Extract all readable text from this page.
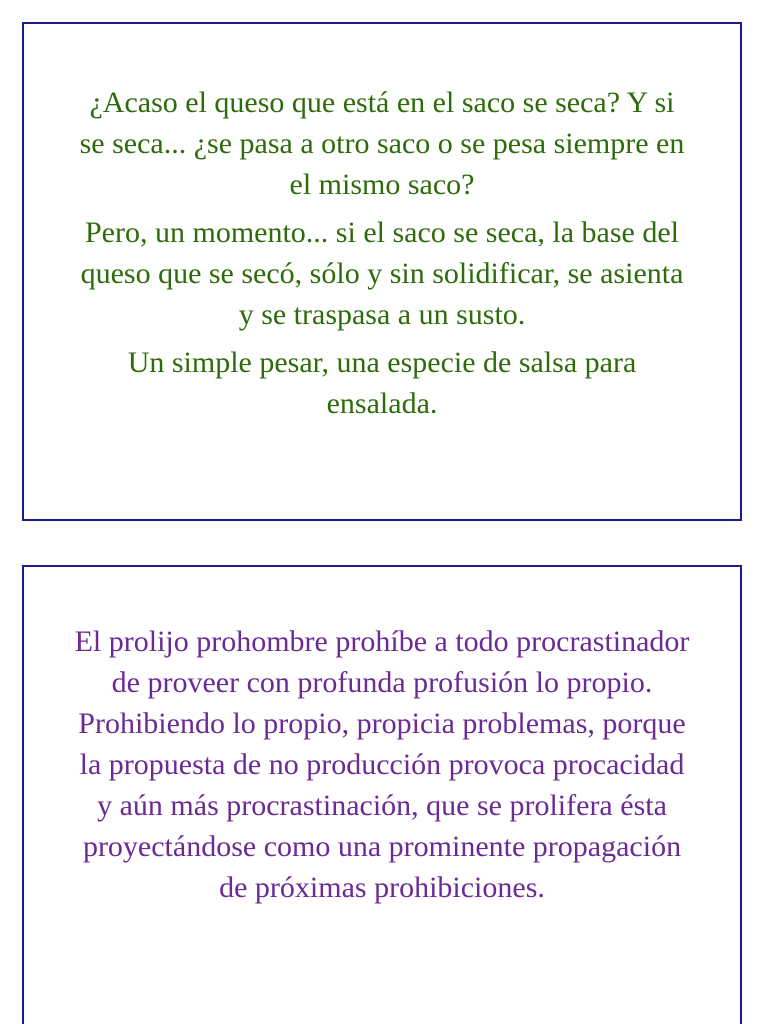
¿Acaso el queso que está en el saco se seca? Y si se seca... ¿se pasa a otro saco o se pesa siempre en el mismo saco?

Pero, un momento... si el saco se seca, la base del queso que se secó, sólo y sin solidificar, se asienta y se traspasa a un susto.

Un simple pesar, una especie de salsa para ensalada.

El prolijo prohombre prohíbe a todo procrastinador de proveer con profunda profusión lo propio. Prohibiendo lo propio, propicia problemas, porque la propuesta de no producción provoca procacidad y aún más procrastinación, que se prolifera ésta proyectándose como una prominente propagación de próximas prohibiciones.
